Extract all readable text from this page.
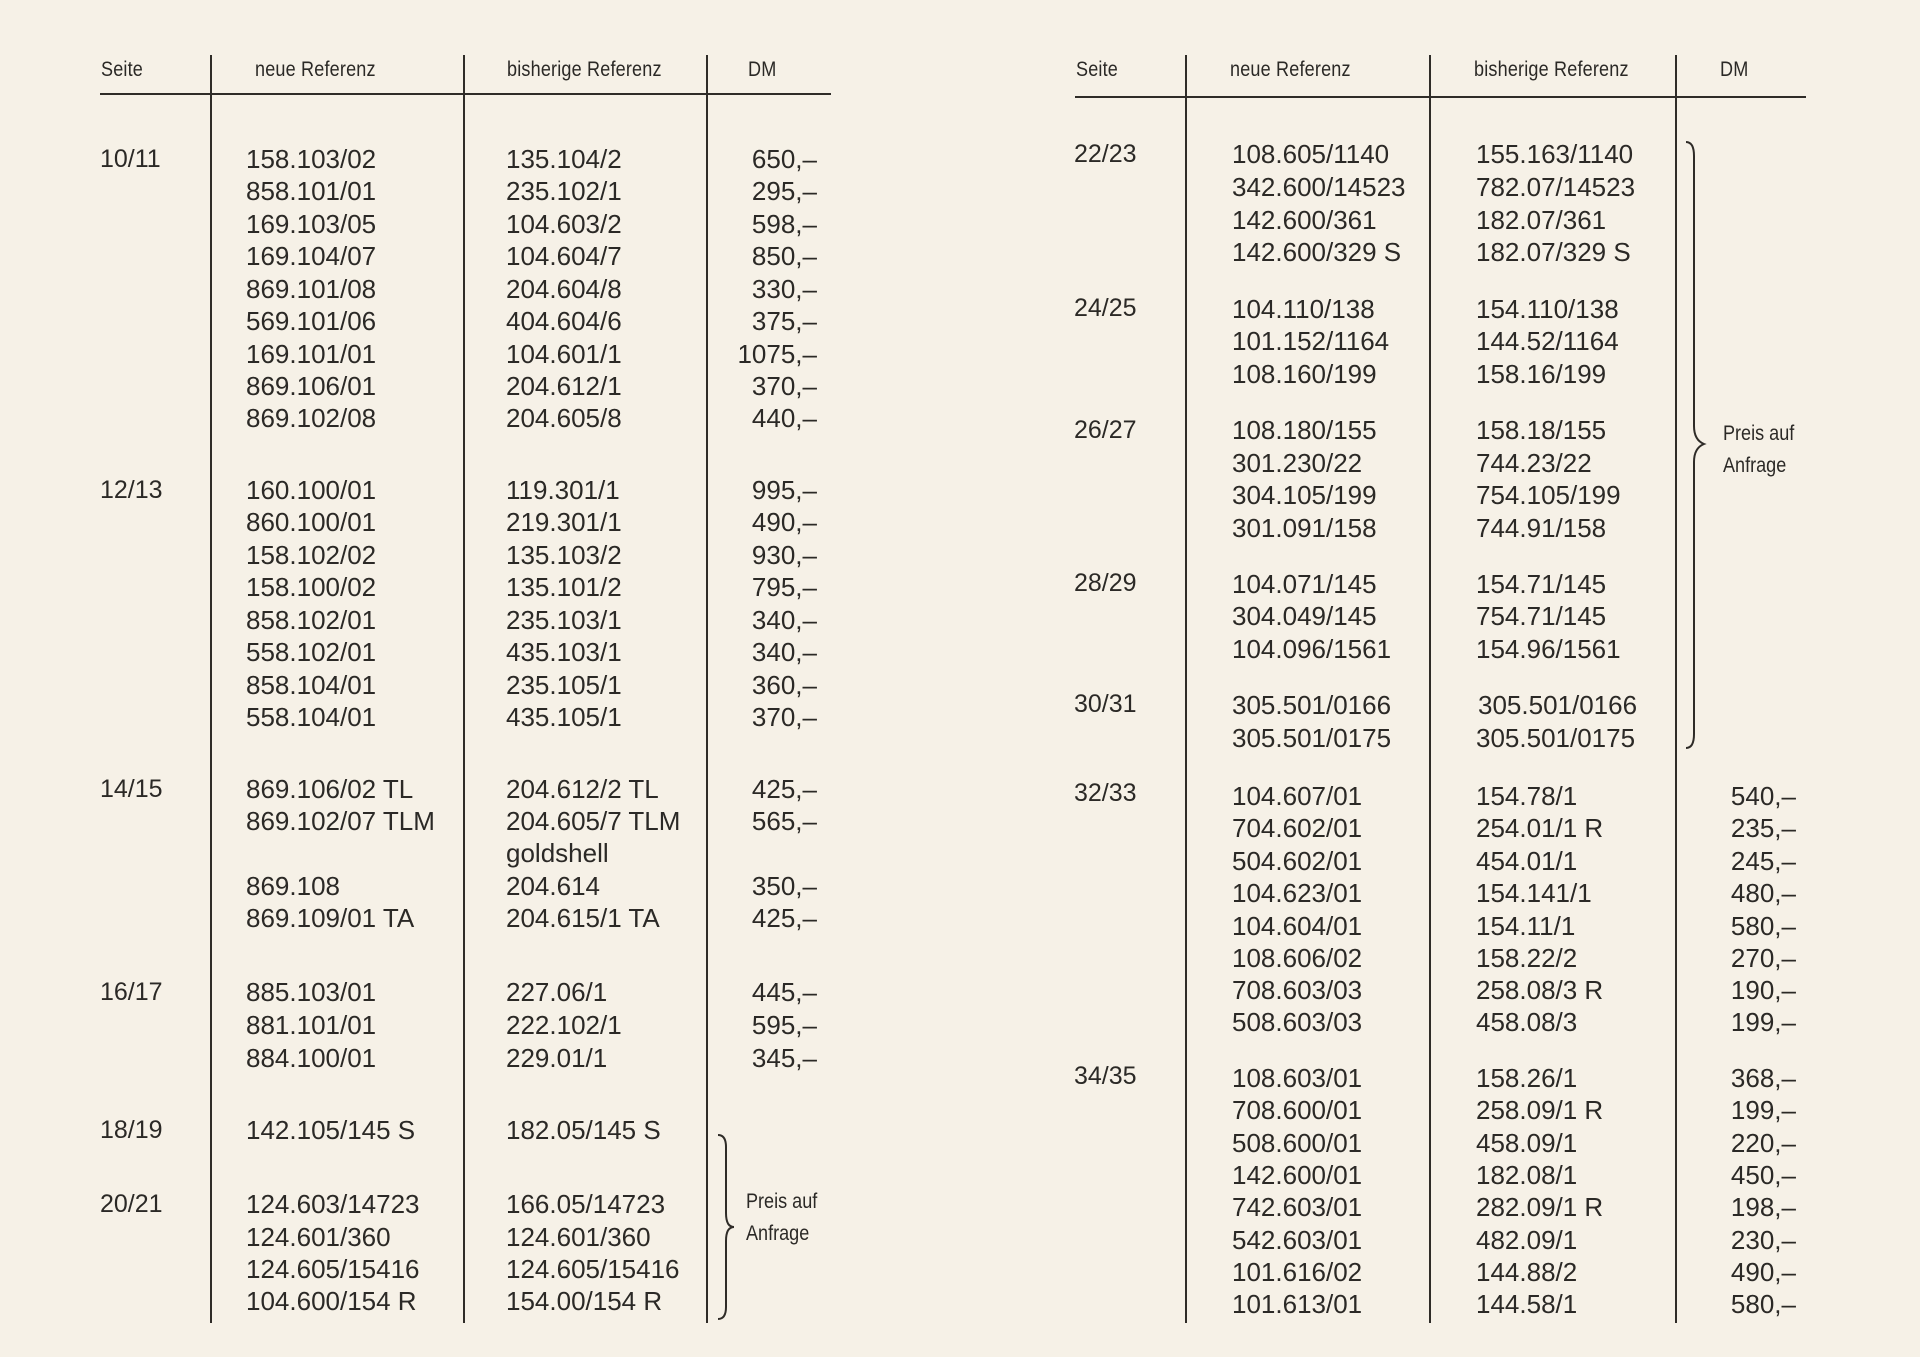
Seite	neue Referenz	bisherige Referenz	DM	Seite	neue Referenz	bisherige Referenz	DM
10/11	158.103/02	135.104/2	650,–
858.101/01	235.102/1	295,–
169.103/05	104.603/2	598,–
169.104/07	104.604/7	850,–
869.101/08	204.604/8	330,–
569.101/06	404.604/6	375,–
169.101/01	104.601/1	1075,–
869.106/01	204.612/1	370,–
869.102/08	204.605/8	440,–
12/13	160.100/01	119.301/1	995,–
860.100/01	219.301/1	490,–
158.102/02	135.103/2	930,–
158.100/02	135.101/2	795,–
858.102/01	235.103/1	340,–
558.102/01	435.103/1	340,–
858.104/01	235.105/1	360,–
558.104/01	435.105/1	370,–
14/15	869.106/02 TL	204.612/2 TL	425,–
869.102/07 TLM	204.605/7 TLM	565,–
goldshell
869.108	204.614	350,–
869.109/01 TA	204.615/1 TA	425,–
16/17	885.103/01	227.06/1	445,–
881.101/01	222.102/1	595,–
884.100/01	229.01/1	345,–
18/19	142.105/145 S	182.05/145 S
20/21	124.603/14723	166.05/14723
124.601/360	124.601/360
124.605/15416	124.605/15416
104.600/154 R	154.00/154 R
Preis auf
Anfrage
22/23	108.605/1140	155.163/1140
342.600/14523	782.07/14523
142.600/361	182.07/361
142.600/329 S	182.07/329 S
24/25	104.110/138	154.110/138
101.152/1164	144.52/1164
108.160/199	158.16/199
26/27	108.180/155	158.18/155
301.230/22	744.23/22
304.105/199	754.105/199
301.091/158	744.91/158
28/29	104.071/145	154.71/145
304.049/145	754.71/145
104.096/1561	154.96/1561
30/31	305.501/0166	305.501/0166
305.501/0175	305.501/0175
Preis auf
Anfrage
32/33	104.607/01	154.78/1	540,–
704.602/01	254.01/1 R	235,–
504.602/01	454.01/1	245,–
104.623/01	154.141/1	480,–
104.604/01	154.11/1	580,–
108.606/02	158.22/2	270,–
708.603/03	258.08/3 R	190,–
508.603/03	458.08/3	199,–
34/35	108.603/01	158.26/1	368,–
708.600/01	258.09/1 R	199,–
508.600/01	458.09/1	220,–
142.600/01	182.08/1	450,–
742.603/01	282.09/1 R	198,–
542.603/01	482.09/1	230,–
101.616/02	144.88/2	490,–
101.613/01	144.58/1	580,–
